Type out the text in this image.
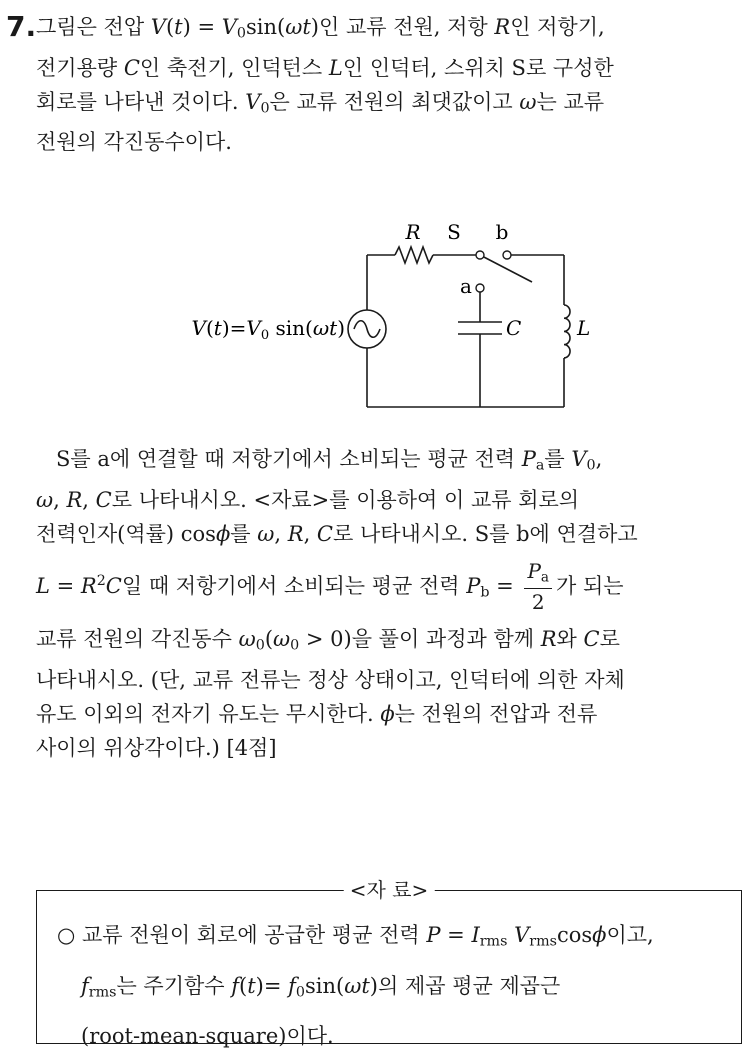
7. 그림은 전압 $V(t) = V_0\sin(\omega t)$인 교류 전원, 저항 R인 저항기,
전기용량 C인 축전기, 인덕턴스 L인 인덕터, 스위치 S로 구성한
회로를 나타낸 것이다. $V_0$은 교류 전원의 최댓값이고 ω는 교류
전원의 각진동수이다.
R S b
a
C	L
$V(t)=V_0$ sin(ωt)
S를 a에 연결할 때 저항기에서 소비되는 평균 전력 $P_a$를 $V_0$,
ω, R, C로 나타내시오. <자료>를 이용하여 이 교류 회로의
전력인자(역률) cosϕ를 ω, R, C로 나타내시오. S를 b에 연결하고
$L = R^2C$일 때 저항기에서 소비되는 평균 전력 $P_b = \frac{P_a}{2}$ 가 되는
교류 전원의 각진동수 $\omega_0(\omega_0 > 0)$을 풀이 과정과 함께 R와 C로
나타내시오. (단, 교류 전류는 정상 상태이고, 인덕터에 의한 자체
유도 이외의 전자기 유도는 무시한다. ϕ는 전원의 전압과 전류
사이의 위상각이다.) [4점]
<자 료>
○ 교류 전원이 회로에 공급한 평균 전력 $P = I_{rms}$ $V_{rms}\cos\phi$이고,
$f_{rms}$는 주기함수 $f(t)= f_0\sin(\omega t)$의 제곱 평균 제곱근
(root-mean-square)이다.
